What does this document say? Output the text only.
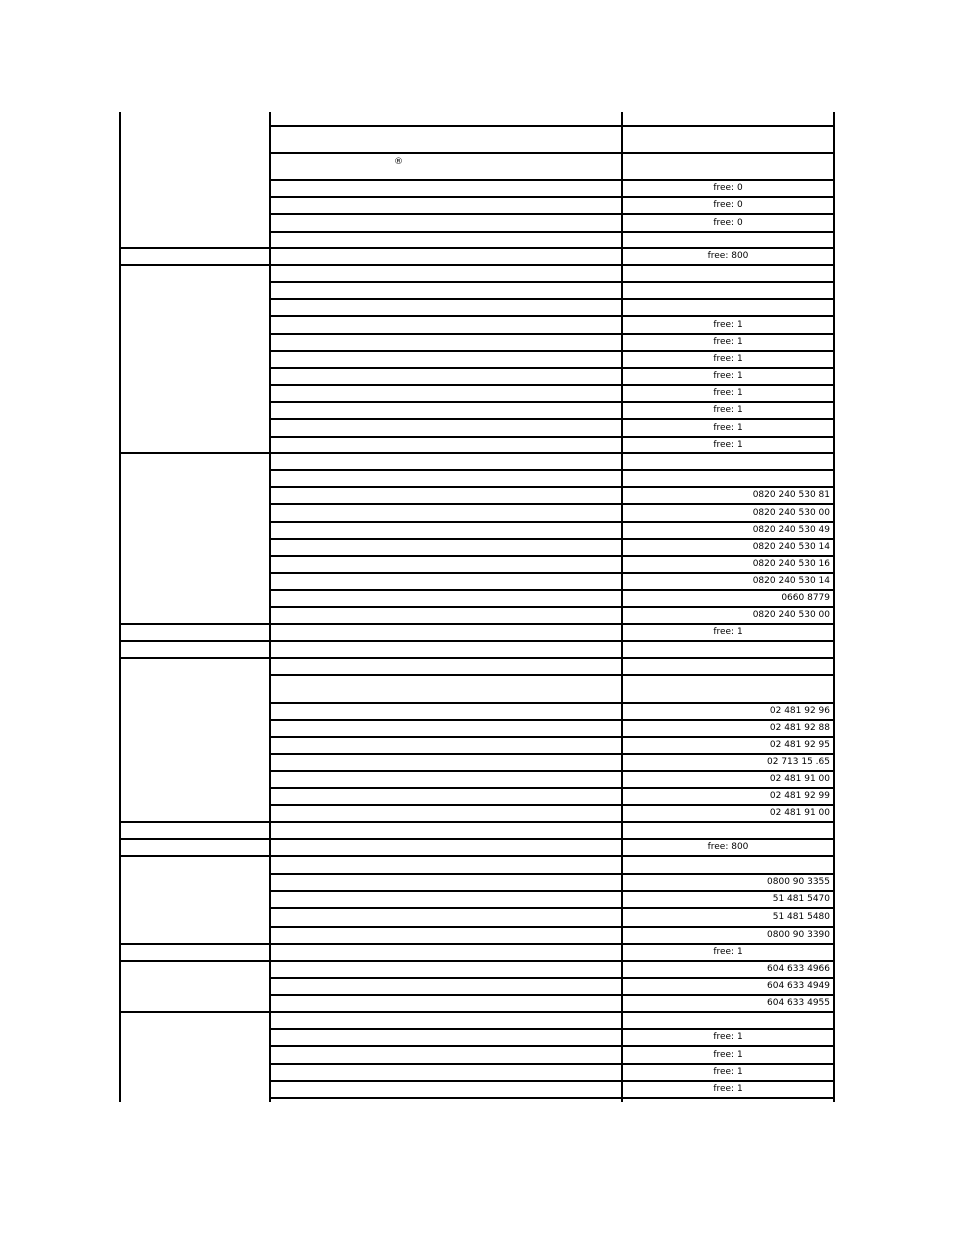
®
free: 0
free: 0
free: 0
free: 800
free: 1
free: 1
free: 1
free: 1
free: 1
free: 1
free: 1
free: 1
0820 240 530 81
0820 240 530 00
0820 240 530 49
0820 240 530 14
0820 240 530 16
0820 240 530 14
0660 8779
0820 240 530 00
free: 1
02 481 92 96
02 481 92 88
02 481 92 95
02 713 15 .65
02 481 91 00
02 481 92 99
02 481 91 00
free: 800
0800 90 3355
51 481 5470
51 481 5480
0800 90 3390
free: 1
604 633 4966
604 633 4949
604 633 4955
free: 1
free: 1
free: 1
free: 1
